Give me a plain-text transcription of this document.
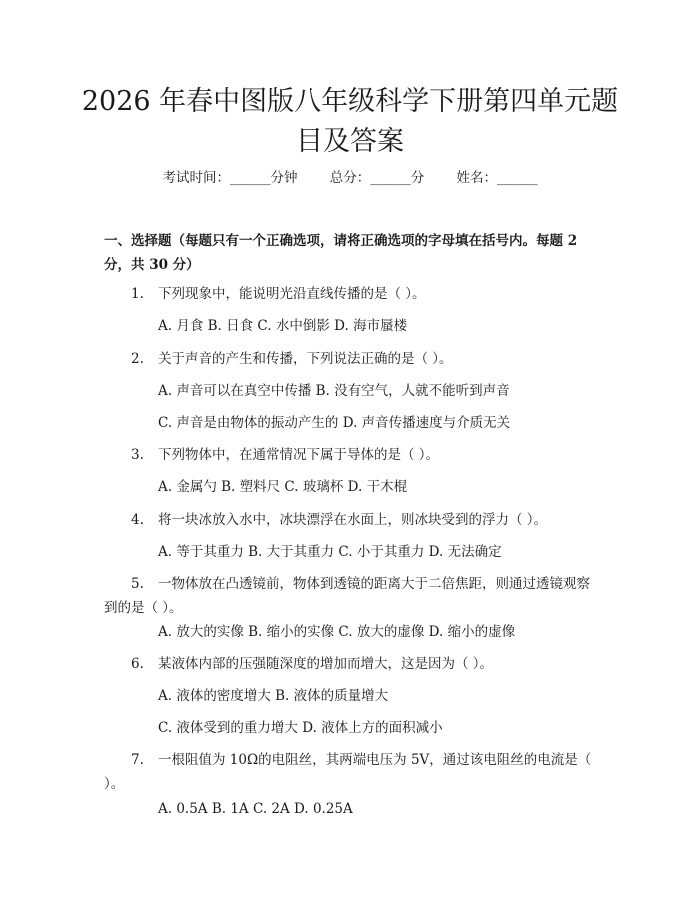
2026 年春中图版八年级科学下册第四单元题目及答案
考试时间：______分钟 总分：______分 姓名：______
一、选择题（每题只有一个正确选项，请将正确选项的字母填在括号内。每题 2 分，共 30 分）
1. 下列现象中，能说明光沿直线传播的是（ ）。
A. 月食 B. 日食 C. 水中倒影 D. 海市蜃楼
2. 关于声音的产生和传播，下列说法正确的是（ ）。
A. 声音可以在真空中传播 B. 没有空气，人就不能听到声音
C. 声音是由物体的振动产生的 D. 声音传播速度与介质无关
3. 下列物体中，在通常情况下属于导体的是（ ）。
A. 金属勺 B. 塑料尺 C. 玻璃杯 D. 干木棍
4. 将一块冰放入水中，冰块漂浮在水面上，则冰块受到的浮力（ ）。
A. 等于其重力 B. 大于其重力 C. 小于其重力 D. 无法确定
5. 一物体放在凸透镜前，物体到透镜的距离大于二倍焦距，则通过透镜观察到的是（ ）。
A. 放大的实像 B. 缩小的实像 C. 放大的虚像 D. 缩小的虚像
6. 某液体内部的压强随深度的增加而增大，这是因为（ ）。
A. 液体的密度增大 B. 液体的质量增大
C. 液体受到的重力增大 D. 液体上方的面积减小
7. 一根阻值为 10Ω的电阻丝，其两端电压为 5V，通过该电阻丝的电流是（ ）。
A. 0.5A B. 1A C. 2A D. 0.25A
